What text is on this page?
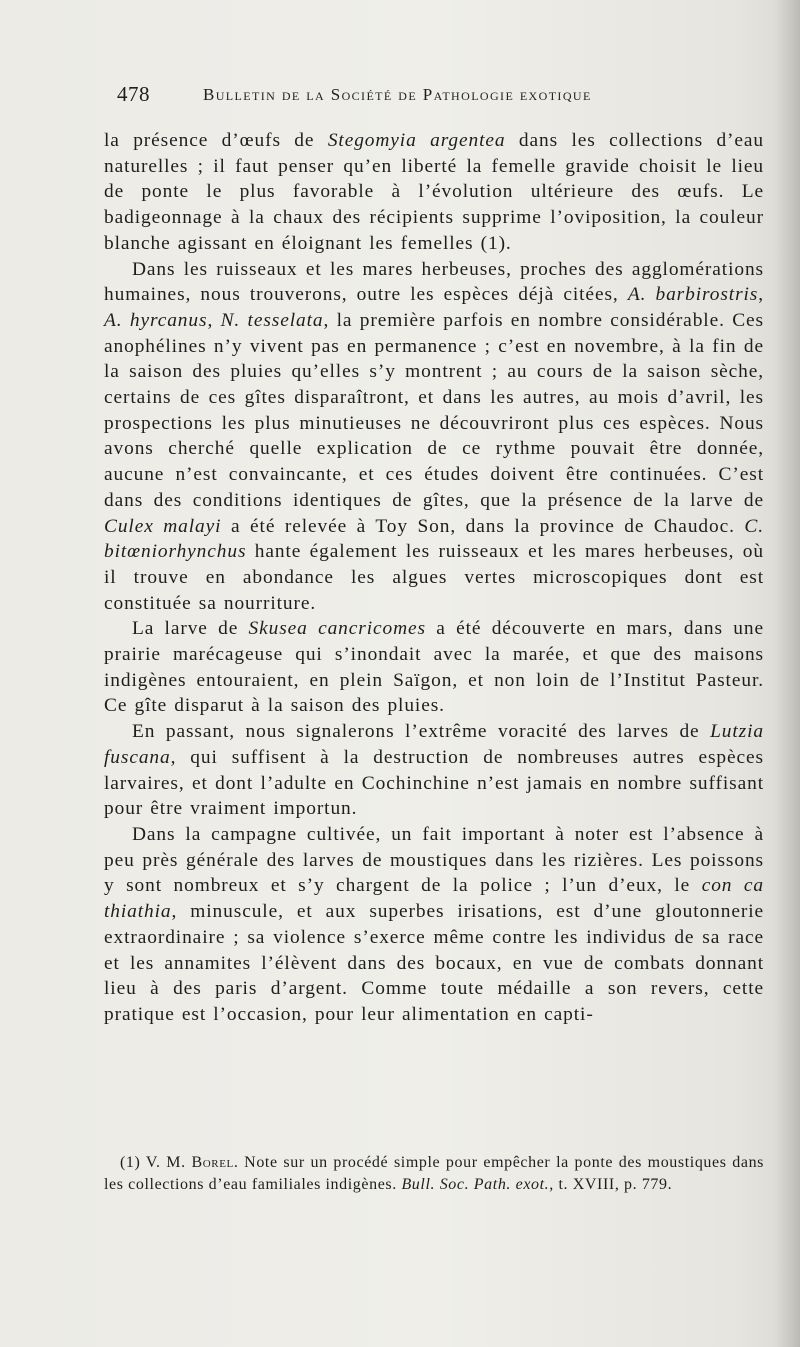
478	Bulletin de la Société de Pathologie exotique

la présence d’œufs de Stegomyia argentea dans les collections d’eau naturelles ; il faut penser qu’en liberté la femelle gravide choisit le lieu de ponte le plus favorable à l’évolution ultérieure des œufs. Le badigeonnage à la chaux des récipients supprime l’oviposition, la couleur blanche agissant en éloignant les femelles (1).

Dans les ruisseaux et les mares herbeuses, proches des agglomérations humaines, nous trouverons, outre les espèces déjà citées, A. barbirostris, A. hyrcanus, N. tesselata, la première parfois en nombre considérable. Ces anophélines n’y vivent pas en permanence ; c’est en novembre, à la fin de la saison des pluies qu’elles s’y montrent ; au cours de la saison sèche, certains de ces gîtes disparaîtront, et dans les autres, au mois d’avril, les prospections les plus minutieuses ne découvriront plus ces espèces. Nous avons cherché quelle explication de ce rythme pouvait être donnée, aucune n’est convaincante, et ces études doivent être continuées. C’est dans des conditions identiques de gîtes, que la présence de la larve de Culex malayi a été relevée à Toy Son, dans la province de Chaudoc. C. bitœniorhynchus hante également les ruisseaux et les mares herbeuses, où il trouve en abondance les algues vertes microscopiques dont est constituée sa nourriture.

La larve de Skusea cancricomes a été découverte en mars, dans une prairie marécageuse qui s’inondait avec la marée, et que des maisons indigènes entouraient, en plein Saïgon, et non loin de l’Institut Pasteur. Ce gîte disparut à la saison des pluies.

En passant, nous signalerons l’extrême voracité des larves de Lutzia fuscana, qui suffisent à la destruction de nombreuses autres espèces larvaires, et dont l’adulte en Cochinchine n’est jamais en nombre suffisant pour être vraiment importun.

Dans la campagne cultivée, un fait important à noter est l’absence à peu près générale des larves de moustiques dans les rizières. Les poissons y sont nombreux et s’y chargent de la police ; l’un d’eux, le con ca thiathia, minuscule, et aux superbes irisations, est d’une gloutonnerie extraordinaire ; sa violence s’exerce même contre les individus de sa race et les annamites l’élèvent dans des bocaux, en vue de combats donnant lieu à des paris d’argent. Comme toute médaille a son revers, cette pratique est l’occasion, pour leur alimentation en capti-

(1) V. M. Borel. Note sur un procédé simple pour empêcher la ponte des moustiques dans les collections d’eau familiales indigènes. Bull. Soc. Path. exot., t. XVIII, p. 779.
